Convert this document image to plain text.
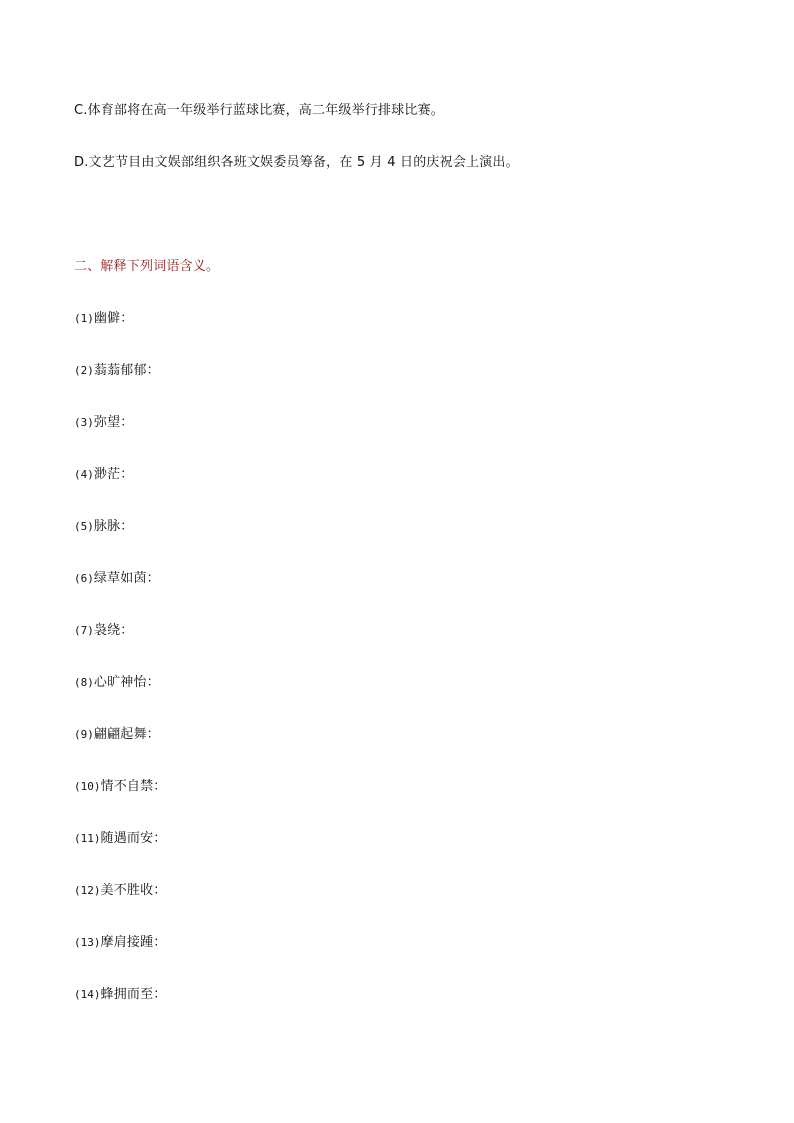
C.体育部将在高一年级举行蓝球比赛，高二年级举行排球比赛。
D.文艺节目由文娱部组织各班文娱委员筹备，在 5 月 4 日的庆祝会上演出。
二、解释下列词语含义。
(1)幽僻：
(2)蓊蓊郁郁：
(3)弥望：
(4)渺茫：
(5)脉脉：
(6)绿草如茵：
(7)袅绕：
(8)心旷神怡：
(9)翩翩起舞：
(10)情不自禁：
(11)随遇而安：
(12)美不胜收：
(13)摩肩接踵：
(14)蜂拥而至：
